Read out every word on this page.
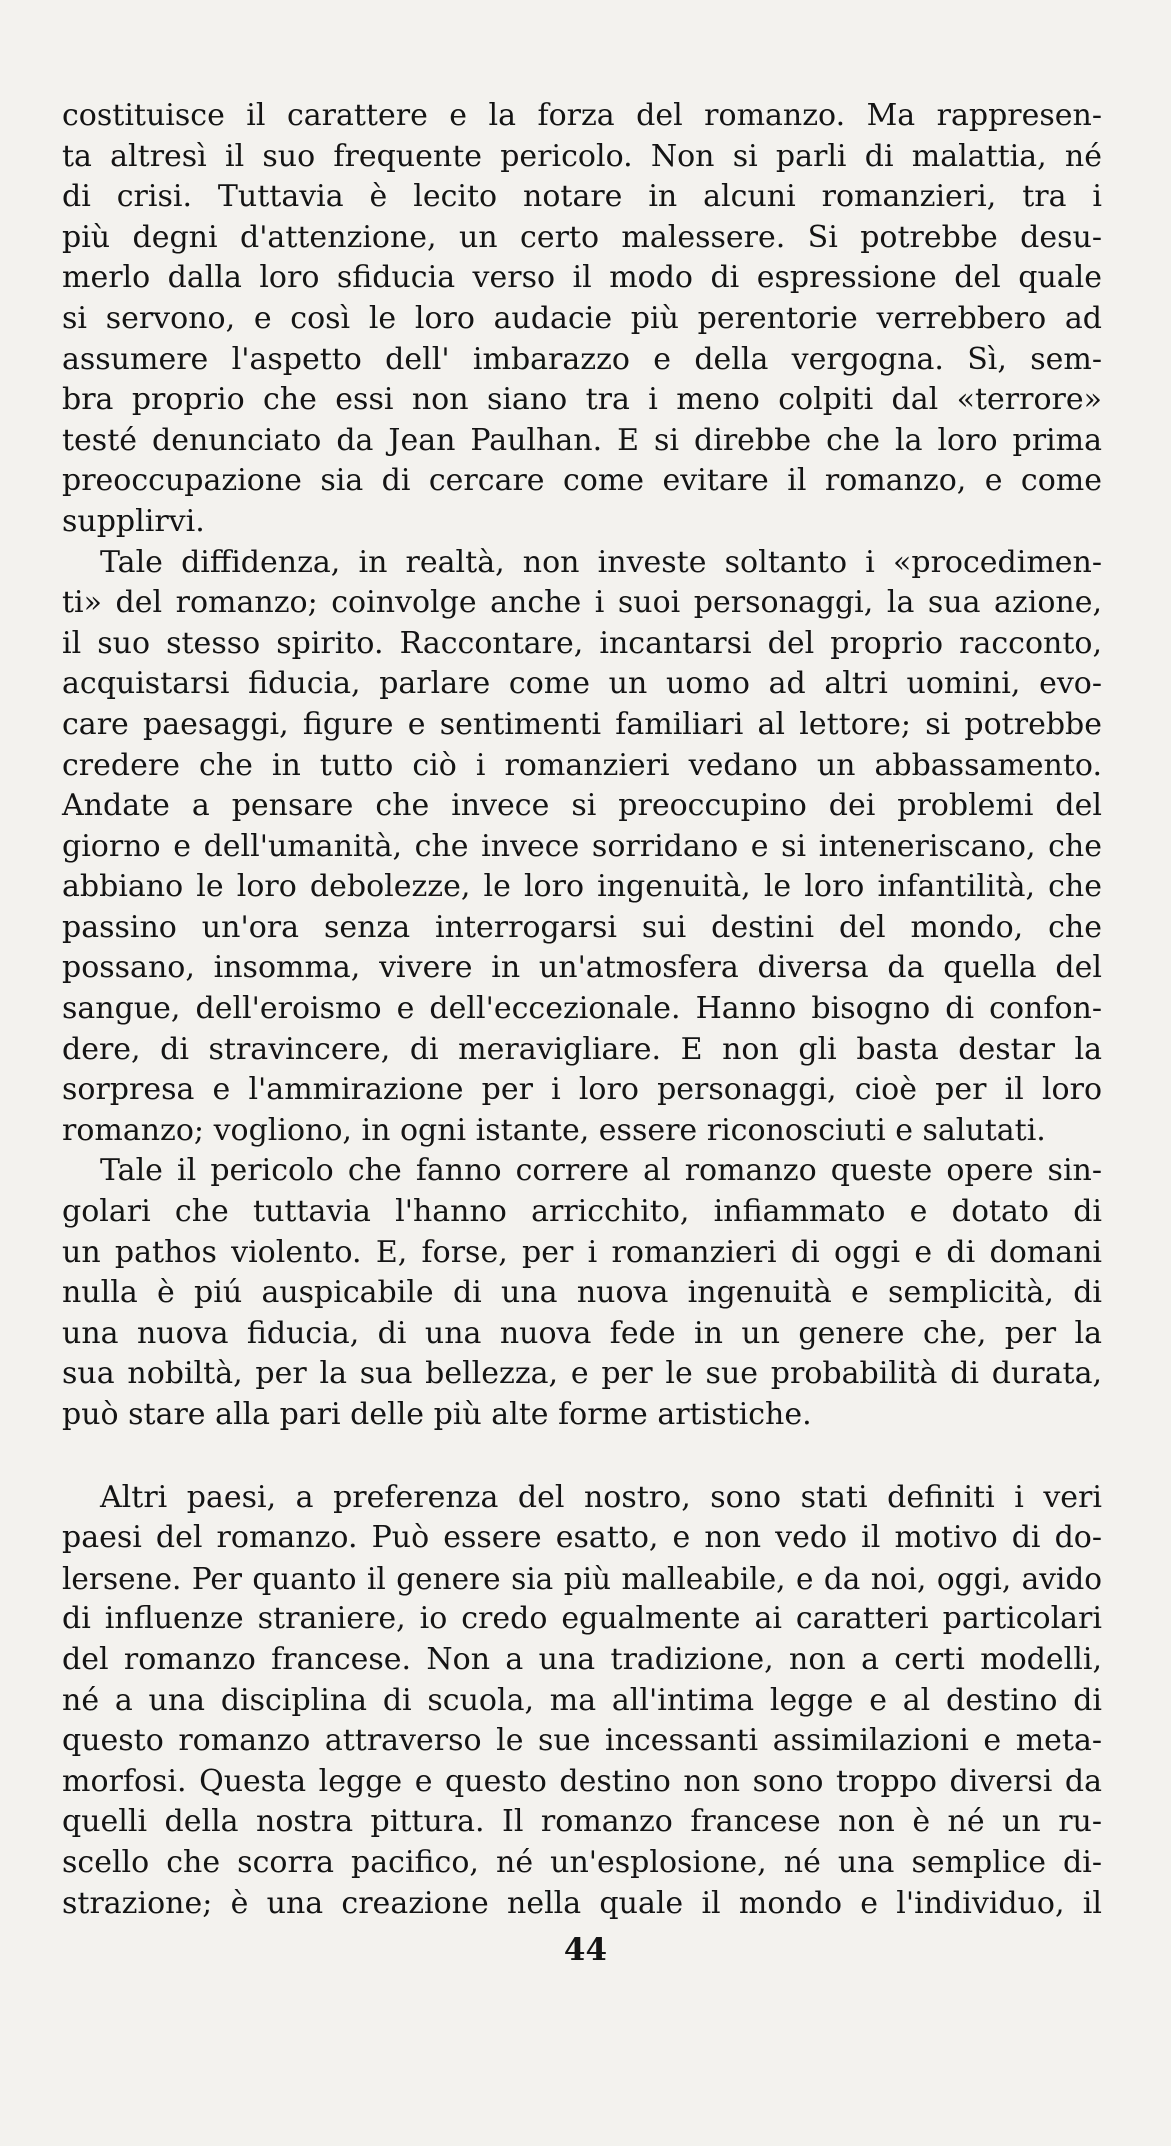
costituisce il carattere e la forza del romanzo. Ma rappresen-
ta altresì il suo frequente pericolo. Non si parli di malattia, né
di crisi. Tuttavia è lecito notare in alcuni romanzieri, tra i
più degni d'attenzione, un certo malessere. Si potrebbe desu-
merlo dalla loro sfiducia verso il modo di espressione del quale
si servono, e così le loro audacie più perentorie verrebbero ad
assumere l'aspetto dell' imbarazzo e della vergogna. Sì, sem-
bra proprio che essi non siano tra i meno colpiti dal «terrore»
testé denunciato da Jean Paulhan. E si direbbe che la loro prima
preoccupazione sia di cercare come evitare il romanzo, e come
supplirvi.
Tale diffidenza, in realtà, non investe soltanto i «procedimen-
ti» del romanzo; coinvolge anche i suoi personaggi, la sua azione,
il suo stesso spirito. Raccontare, incantarsi del proprio racconto,
acquistarsi fiducia, parlare come un uomo ad altri uomini, evo-
care paesaggi, figure e sentimenti familiari al lettore; si potrebbe
credere che in tutto ciò i romanzieri vedano un abbassamento.
Andate a pensare che invece si preoccupino dei problemi del
giorno e dell'umanità, che invece sorridano e si inteneriscano, che
abbiano le loro debolezze, le loro ingenuità, le loro infantilità, che
passino un'ora senza interrogarsi sui destini del mondo, che
possano, insomma, vivere in un'atmosfera diversa da quella del
sangue, dell'eroismo e dell'eccezionale. Hanno bisogno di confon-
dere, di stravincere, di meravigliare. E non gli basta destar la
sorpresa e l'ammirazione per i loro personaggi, cioè per il loro
romanzo; vogliono, in ogni istante, essere riconosciuti e salutati.
Tale il pericolo che fanno correre al romanzo queste opere sin-
golari che tuttavia l'hanno arricchito, infiammato e dotato di
un pathos violento. E, forse, per i romanzieri di oggi e di domani
nulla è piú auspicabile di una nuova ingenuità e semplicità, di
una nuova fiducia, di una nuova fede in un genere che, per la
sua nobiltà, per la sua bellezza, e per le sue probabilità di durata,
può stare alla pari delle più alte forme artistiche.
Altri paesi, a preferenza del nostro, sono stati definiti i veri
paesi del romanzo. Può essere esatto, e non vedo il motivo di do-
lersene. Per quanto il genere sia più malleabile, e da noi, oggi, avido
di influenze straniere, io credo egualmente ai caratteri particolari
del romanzo francese. Non a una tradizione, non a certi modelli,
né a una disciplina di scuola, ma all'intima legge e al destino di
questo romanzo attraverso le sue incessanti assimilazioni e meta-
morfosi. Questa legge e questo destino non sono troppo diversi da
quelli della nostra pittura. Il romanzo francese non è né un ru-
scello che scorra pacifico, né un'esplosione, né una semplice di-
strazione; è una creazione nella quale il mondo e l'individuo, il
44
